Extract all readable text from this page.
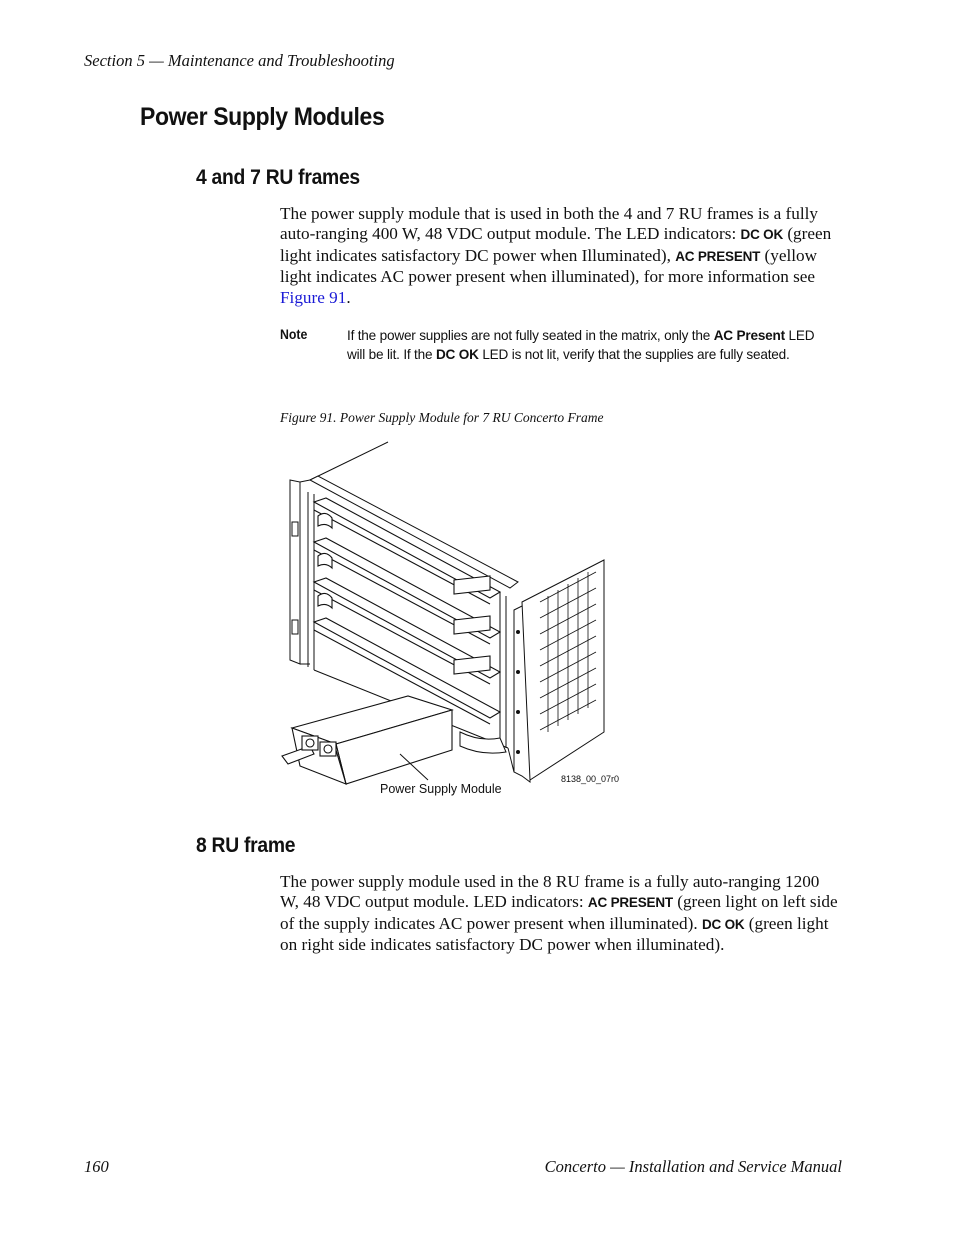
Section 5 — Maintenance and Troubleshooting
Power Supply Modules
4 and 7 RU frames
The power supply module that is used in both the 4 and 7 RU frames is a fully auto-ranging 400 W, 48 VDC output module. The LED indicators: DC OK (green light indicates satisfactory DC power when Illuminated), AC PRESENT (yellow light indicates AC power present when illuminated), for more information see Figure 91.
Note	If the power supplies are not fully seated in the matrix, only the AC Present LED will be lit. If the DC OK LED is not lit, verify that the supplies are fully seated.
Figure 91. Power Supply Module for 7 RU Concerto Frame
Power Supply Module
8138_00_07r0
8 RU frame
The power supply module used in the 8 RU frame is a fully auto-ranging 1200 W, 48 VDC output module. LED indicators: AC PRESENT (green light on left side of the supply indicates AC power present when illuminated). DC OK (green light on right side indicates satisfactory DC power when illuminated).
160	Concerto — Installation and Service Manual
